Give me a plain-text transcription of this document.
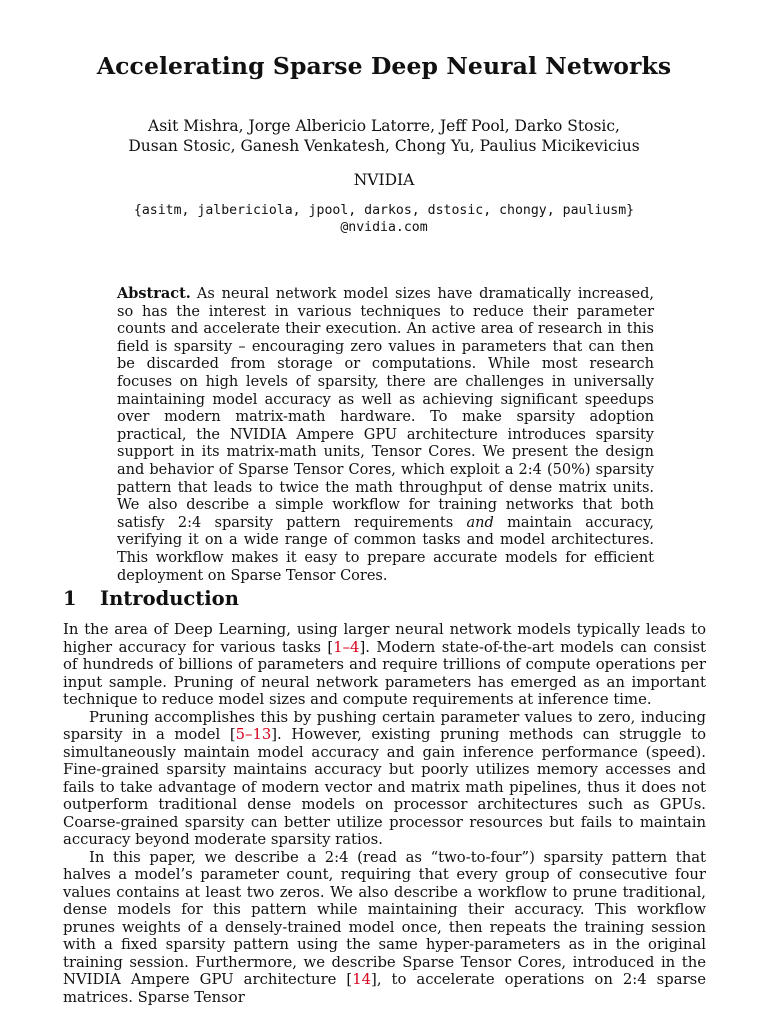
Accelerating Sparse Deep Neural Networks
Asit Mishra, Jorge Albericio Latorre, Jeff Pool, Darko Stosic,
Dusan Stosic, Ganesh Venkatesh, Chong Yu, Paulius Micikevicius
NVIDIA
{asitm, jalbericiola, jpool, darkos, dstosic, chongy, pauliusm}
@nvidia.com
Abstract. As neural network model sizes have dramatically increased, so has the interest in various techniques to reduce their parameter counts and accelerate their execution. An active area of research in this field is sparsity – encouraging zero values in parameters that can then be discarded from storage or computations. While most research focuses on high levels of sparsity, there are challenges in universally maintaining model accuracy as well as achieving significant speedups over modern matrix-math hardware. To make sparsity adoption practical, the NVIDIA Ampere GPU architecture introduces sparsity support in its matrix-math units, Tensor Cores. We present the design and behavior of Sparse Tensor Cores, which exploit a 2:4 (50%) sparsity pattern that leads to twice the math throughput of dense matrix units. We also describe a simple workflow for training networks that both satisfy 2:4 sparsity pattern requirements and maintain accuracy, verifying it on a wide range of common tasks and model architectures. This workflow makes it easy to prepare accurate models for efficient deployment on Sparse Tensor Cores.
1 Introduction

In the area of Deep Learning, using larger neural network models typically leads to higher accuracy for various tasks [1–4]. Modern state-of-the-art models can consist of hundreds of billions of parameters and require trillions of compute operations per input sample. Pruning of neural network parameters has emerged as an important technique to reduce model sizes and compute requirements at inference time.

Pruning accomplishes this by pushing certain parameter values to zero, inducing sparsity in a model [5–13]. However, existing pruning methods can struggle to simultaneously maintain model accuracy and gain inference performance (speed). Fine-grained sparsity maintains accuracy but poorly utilizes memory accesses and fails to take advantage of modern vector and matrix math pipelines, thus it does not outperform traditional dense models on processor architectures such as GPUs. Coarse-grained sparsity can better utilize processor resources but fails to maintain accuracy beyond moderate sparsity ratios.

In this paper, we describe a 2:4 (read as “two-to-four”) sparsity pattern that halves a model’s parameter count, requiring that every group of consecutive four values contains at least two zeros. We also describe a workflow to prune traditional, dense models for this pattern while maintaining their accuracy. This workflow prunes weights of a densely-trained model once, then repeats the training session with a fixed sparsity pattern using the same hyper-parameters as in the original training session. Furthermore, we describe Sparse Tensor Cores, introduced in the NVIDIA Ampere GPU architecture [14], to accelerate operations on 2:4 sparse matrices. Sparse Tensor
